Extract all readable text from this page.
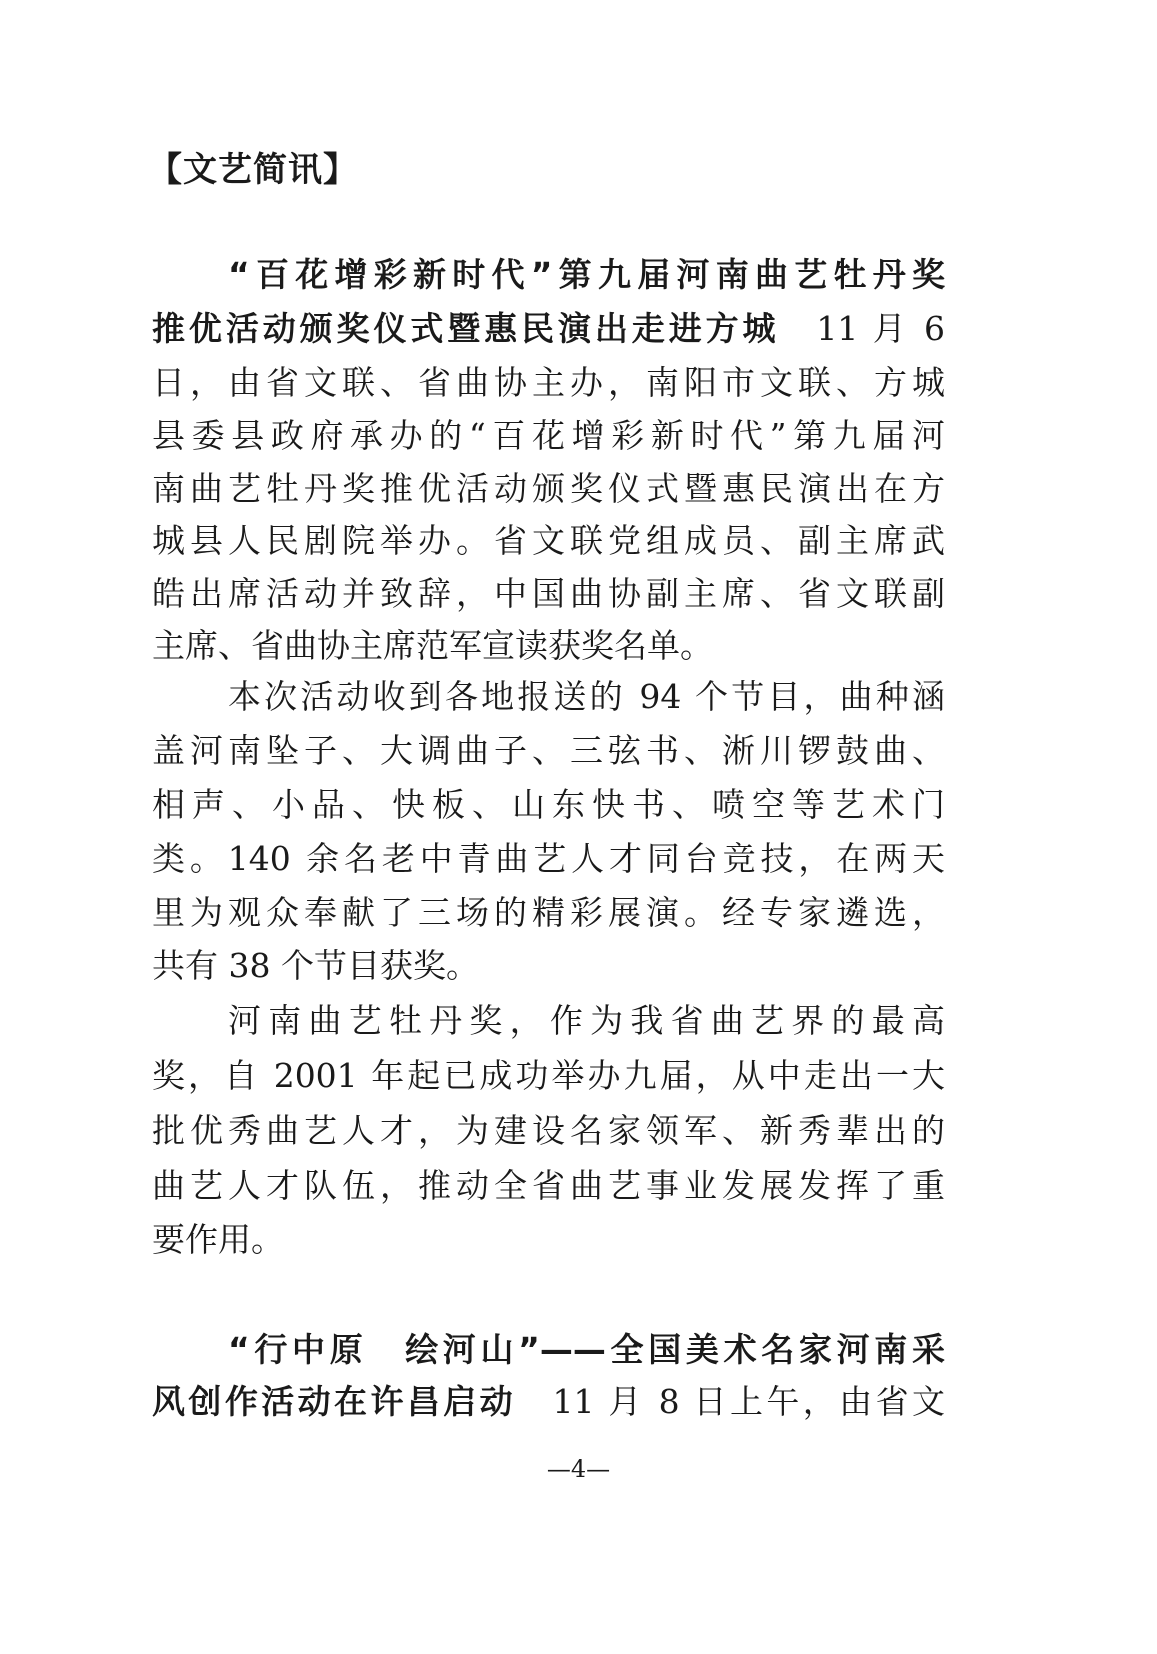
【文艺简讯】
“百花增彩新时代”第九届河南曲艺牡丹奖
推优活动颁奖仪式暨惠民演出走进方城　11 月 6
日，由省文联、省曲协主办，南阳市文联、方城
县委县政府承办的“百花增彩新时代”第九届河
南曲艺牡丹奖推优活动颁奖仪式暨惠民演出在方
城县人民剧院举办。省文联党组成员、副主席武
皓出席活动并致辞，中国曲协副主席、省文联副
主席、省曲协主席范军宣读获奖名单。
本次活动收到各地报送的 94 个节目，曲种涵
盖河南坠子、大调曲子、三弦书、淅川锣鼓曲、
相声、小品、快板、山东快书、喷空等艺术门
类。140 余名老中青曲艺人才同台竞技，在两天
里为观众奉献了三场的精彩展演。经专家遴选，
共有 38 个节目获奖。
河南曲艺牡丹奖，作为我省曲艺界的最高
奖，自 2001 年起已成功举办九届，从中走出一大
批优秀曲艺人才，为建设名家领军、新秀辈出的
曲艺人才队伍，推动全省曲艺事业发展发挥了重
要作用。
“行中原　绘河山”——全国美术名家河南采
风创作活动在许昌启动　11 月 8 日上午，由省文
—4—
